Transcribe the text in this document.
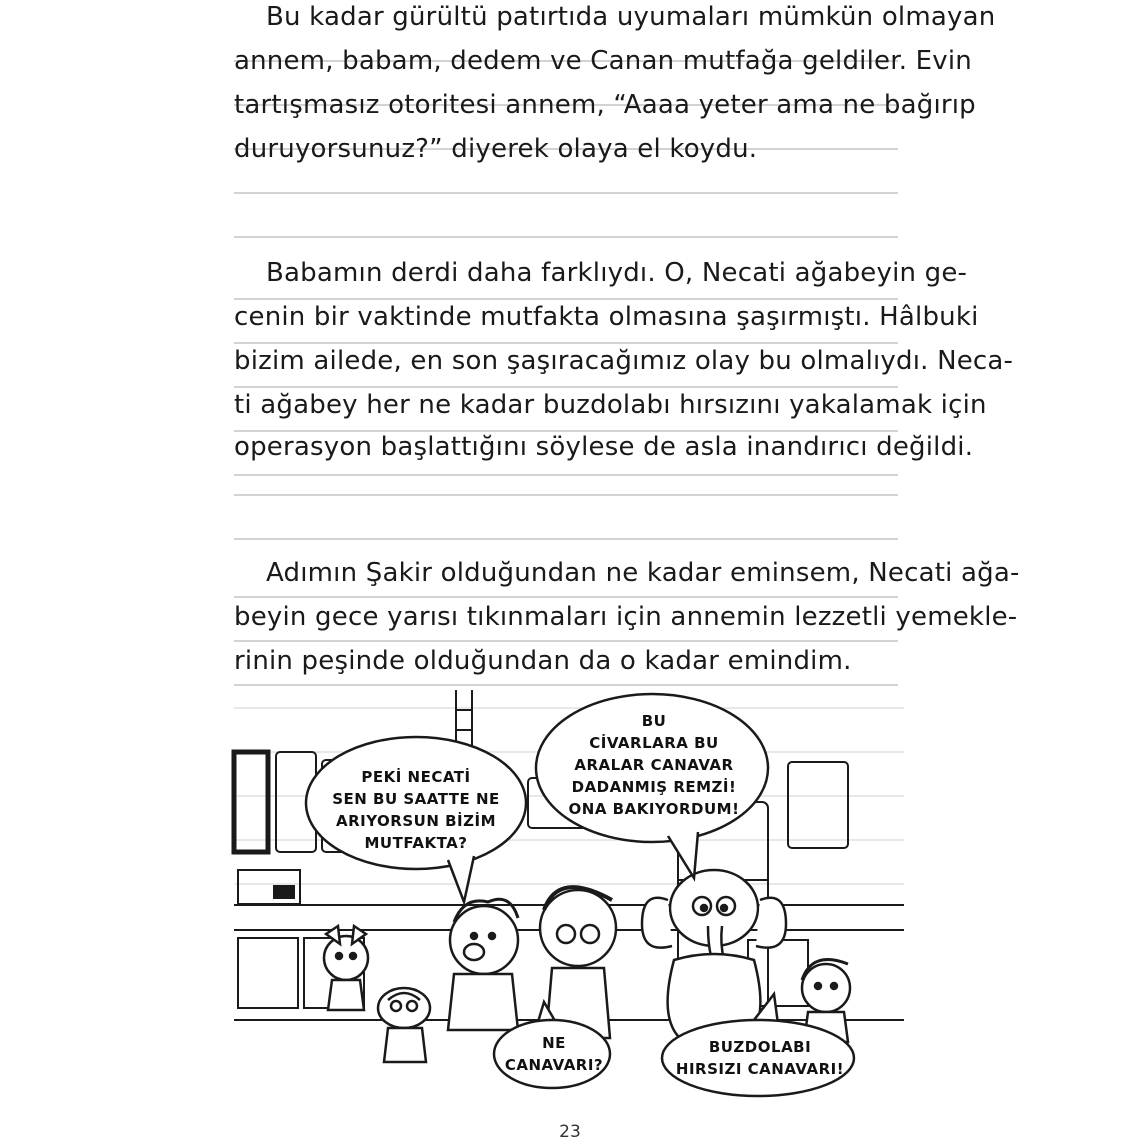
Bu kadar gürültü patırtıda uyumaları mümkün olmayan
annem, babam, dedem ve Canan mutfağa geldiler. Evin
tartışmasız otoritesi annem, “Aaaa yeter ama ne bağırıp
duruyorsunuz?” diyerek olaya el koydu.
Babamın derdi daha farklıydı. O, Necati ağabeyin ge-
cenin bir vaktinde mutfakta olmasına şaşırmıştı. Hâlbuki
bizim ailede, en son şaşıracağımız olay bu olmalıydı. Neca-
ti ağabey her ne kadar buzdolabı hırsızını yakalamak için
operasyon başlattığını söylese de asla inandırıcı değildi.
Adımın Şakir olduğundan ne kadar eminsem, Necati ağa-
beyin gece yarısı tıkınmaları için annemin lezzetli yemekle-
rinin peşinde olduğundan da o kadar emindim.
PEKİ NECATİ
SEN BU SAATTE NE
ARIYORSUN BİZİM
MUTFAKTA?
BU
CİVARLARA BU
ARALAR CANAVAR
DADANMIŞ REMZİ!
ONA BAKIYORDUM!
NE
CANAVARI?
BUZDOLABI
HIRSIZI CANAVARI!
23
